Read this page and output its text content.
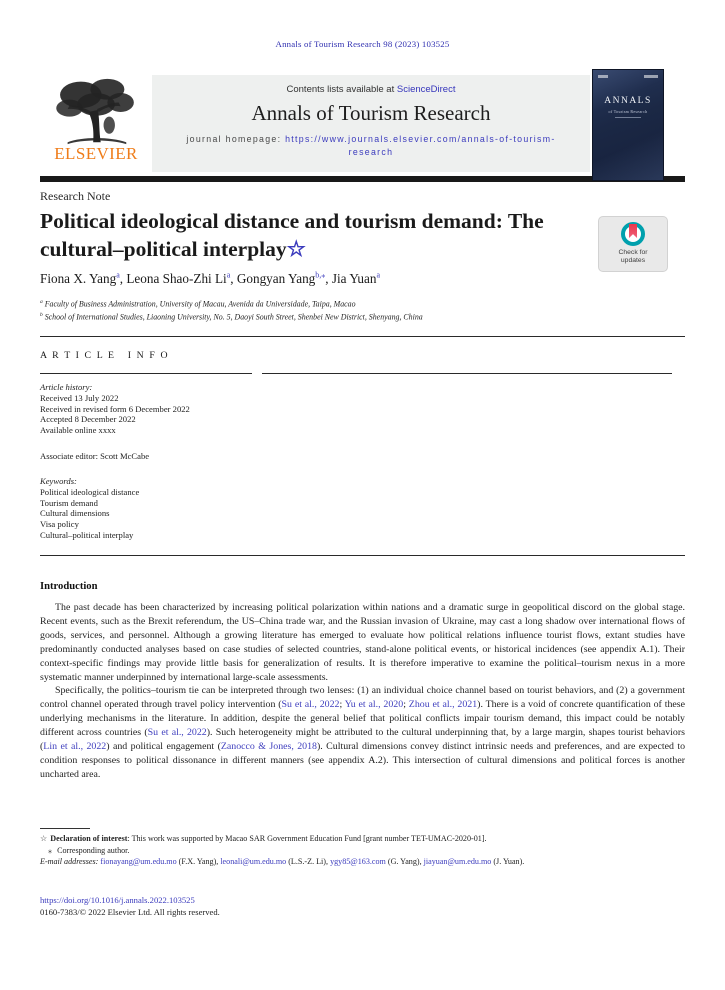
Annals of Tourism Research 98 (2023) 103525
ELSEVIER
Contents lists available at ScienceDirect
Annals of Tourism Research
journal homepage: https://www.journals.elsevier.com/annals-of-tourism-research
ANNALS
of Tourism Research
Research Note
Political ideological distance and tourism demand: The
cultural–political interplay☆	Check for
updates
Fiona X. Yang$^a$, Leona Shao-Zhi Li$^a$, Gongyan Yang$^{b,⁎}$, Jia Yuan$^a$
$^a$ Faculty of Business Administration, University of Macau, Avenida da Universidade, Taipa, Macao
$^b$ School of International Studies, Liaoning University, No. 5, Daoyi South Street, Shenbei New District, Shenyang, China
A R T I C L E   I N F O
Article history:
Received 13 July 2022
Received in revised form 6 December 2022
Accepted 8 December 2022
Available online xxxx
Associate editor: Scott McCabe
Keywords:
Political ideological distance
Tourism demand
Cultural dimensions
Visa policy
Cultural–political interplay
Introduction

The past decade has been characterized by increasing political polarization within nations and a dramatic surge in geopolitical discord on the global stage. Recent events, such as the Brexit referendum, the US–China trade war, and the Russian invasion of Ukraine, may cast a long shadow over international flows of goods, services, and personnel. Although a growing literature has emerged to evaluate how political relations influence tourist flows, extant studies have predominantly conducted analyses based on case studies of selected countries, stand-alone political events, or historical incidences (see appendix A.1). Their context-specific findings may provide little basis for generalization of results. It is therefore imperative to examine the political–tourism nexus in a more systematic manner underpinned by international large-scale assessments.

Specifically, the politics–tourism tie can be interpreted through two lenses: (1) an individual choice channel based on tourist behaviors, and (2) a government control channel operated through travel policy intervention (Su et al., 2022; Yu et al., 2020; Zhou et al., 2021). There is a void of concrete quantification of these underlying mechanisms in the literature. In addition, despite the general belief that political conflicts impair tourism demand, this impact could be notably different across countries (Su et al., 2022). Such heterogeneity might be attributed to the cultural underpinning that, by a large margin, shapes tourist behaviors (Lin et al., 2022) and political engagement (Zanocco & Jones, 2018). Cultural dimensions convey distinct intrinsic needs and preferences, and are expected to condition responses to political dissonance in different manners (see appendix A.2). This intersection of cultural dimensions and political forces is another uncharted area.

☆ Declaration of interest: This work was supported by Macao SAR Government Education Fund [grant number TET-UMAC-2020-01].
⁎ Corresponding author.
E-mail addresses: fionayang@um.edu.mo (F.X. Yang), leonali@um.edu.mo (L.S.-Z. Li), ygy85@163.com (G. Yang), jiayuan@um.edu.mo (J. Yuan).
https://doi.org/10.1016/j.annals.2022.103525
0160-7383/© 2022 Elsevier Ltd. All rights reserved.
